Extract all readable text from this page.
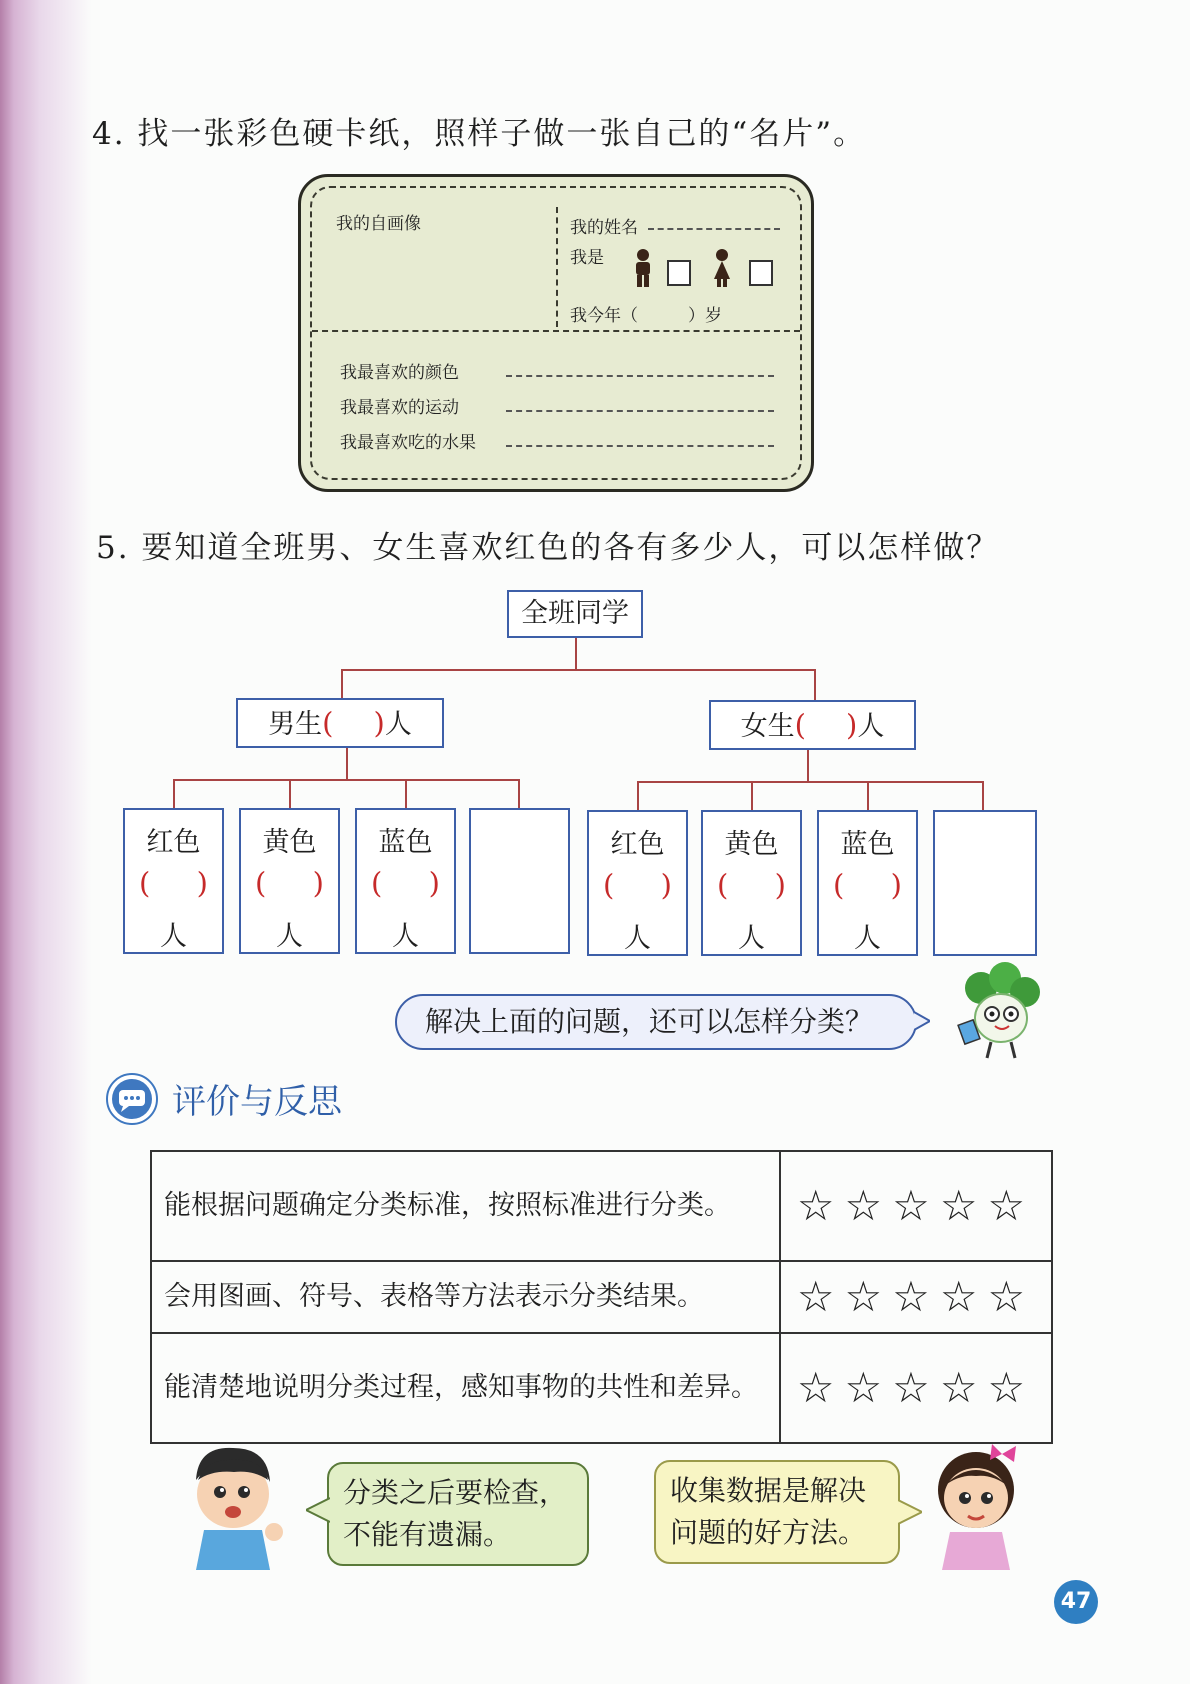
4. 找一张彩色硬卡纸，照样子做一张自己的“名片”。
我的自画像	我的姓名
我是
我今年（	）岁
我最喜欢的颜色
我最喜欢的运动
我最喜欢吃的水果
5. 要知道全班男、女生喜欢红色的各有多少人，可以怎样做？
全班同学
男生( )人	女生( )人
红色
( )
人
黄色
( )
人
蓝色
( )
人
红色
( )
人
黄色
( )
人
蓝色
( )
人
解决上面的问题，还可以怎样分类？
评价与反思
能根据问题确定分类标准，按照标准进行分类。	☆☆☆☆☆
会用图画、符号、表格等方法表示分类结果。	☆☆☆☆☆
能清楚地说明分类过程，感知事物的共性和差异。	☆☆☆☆☆
分类之后要检查，不能有遗漏。
收集数据是解决问题的好方法。
47
